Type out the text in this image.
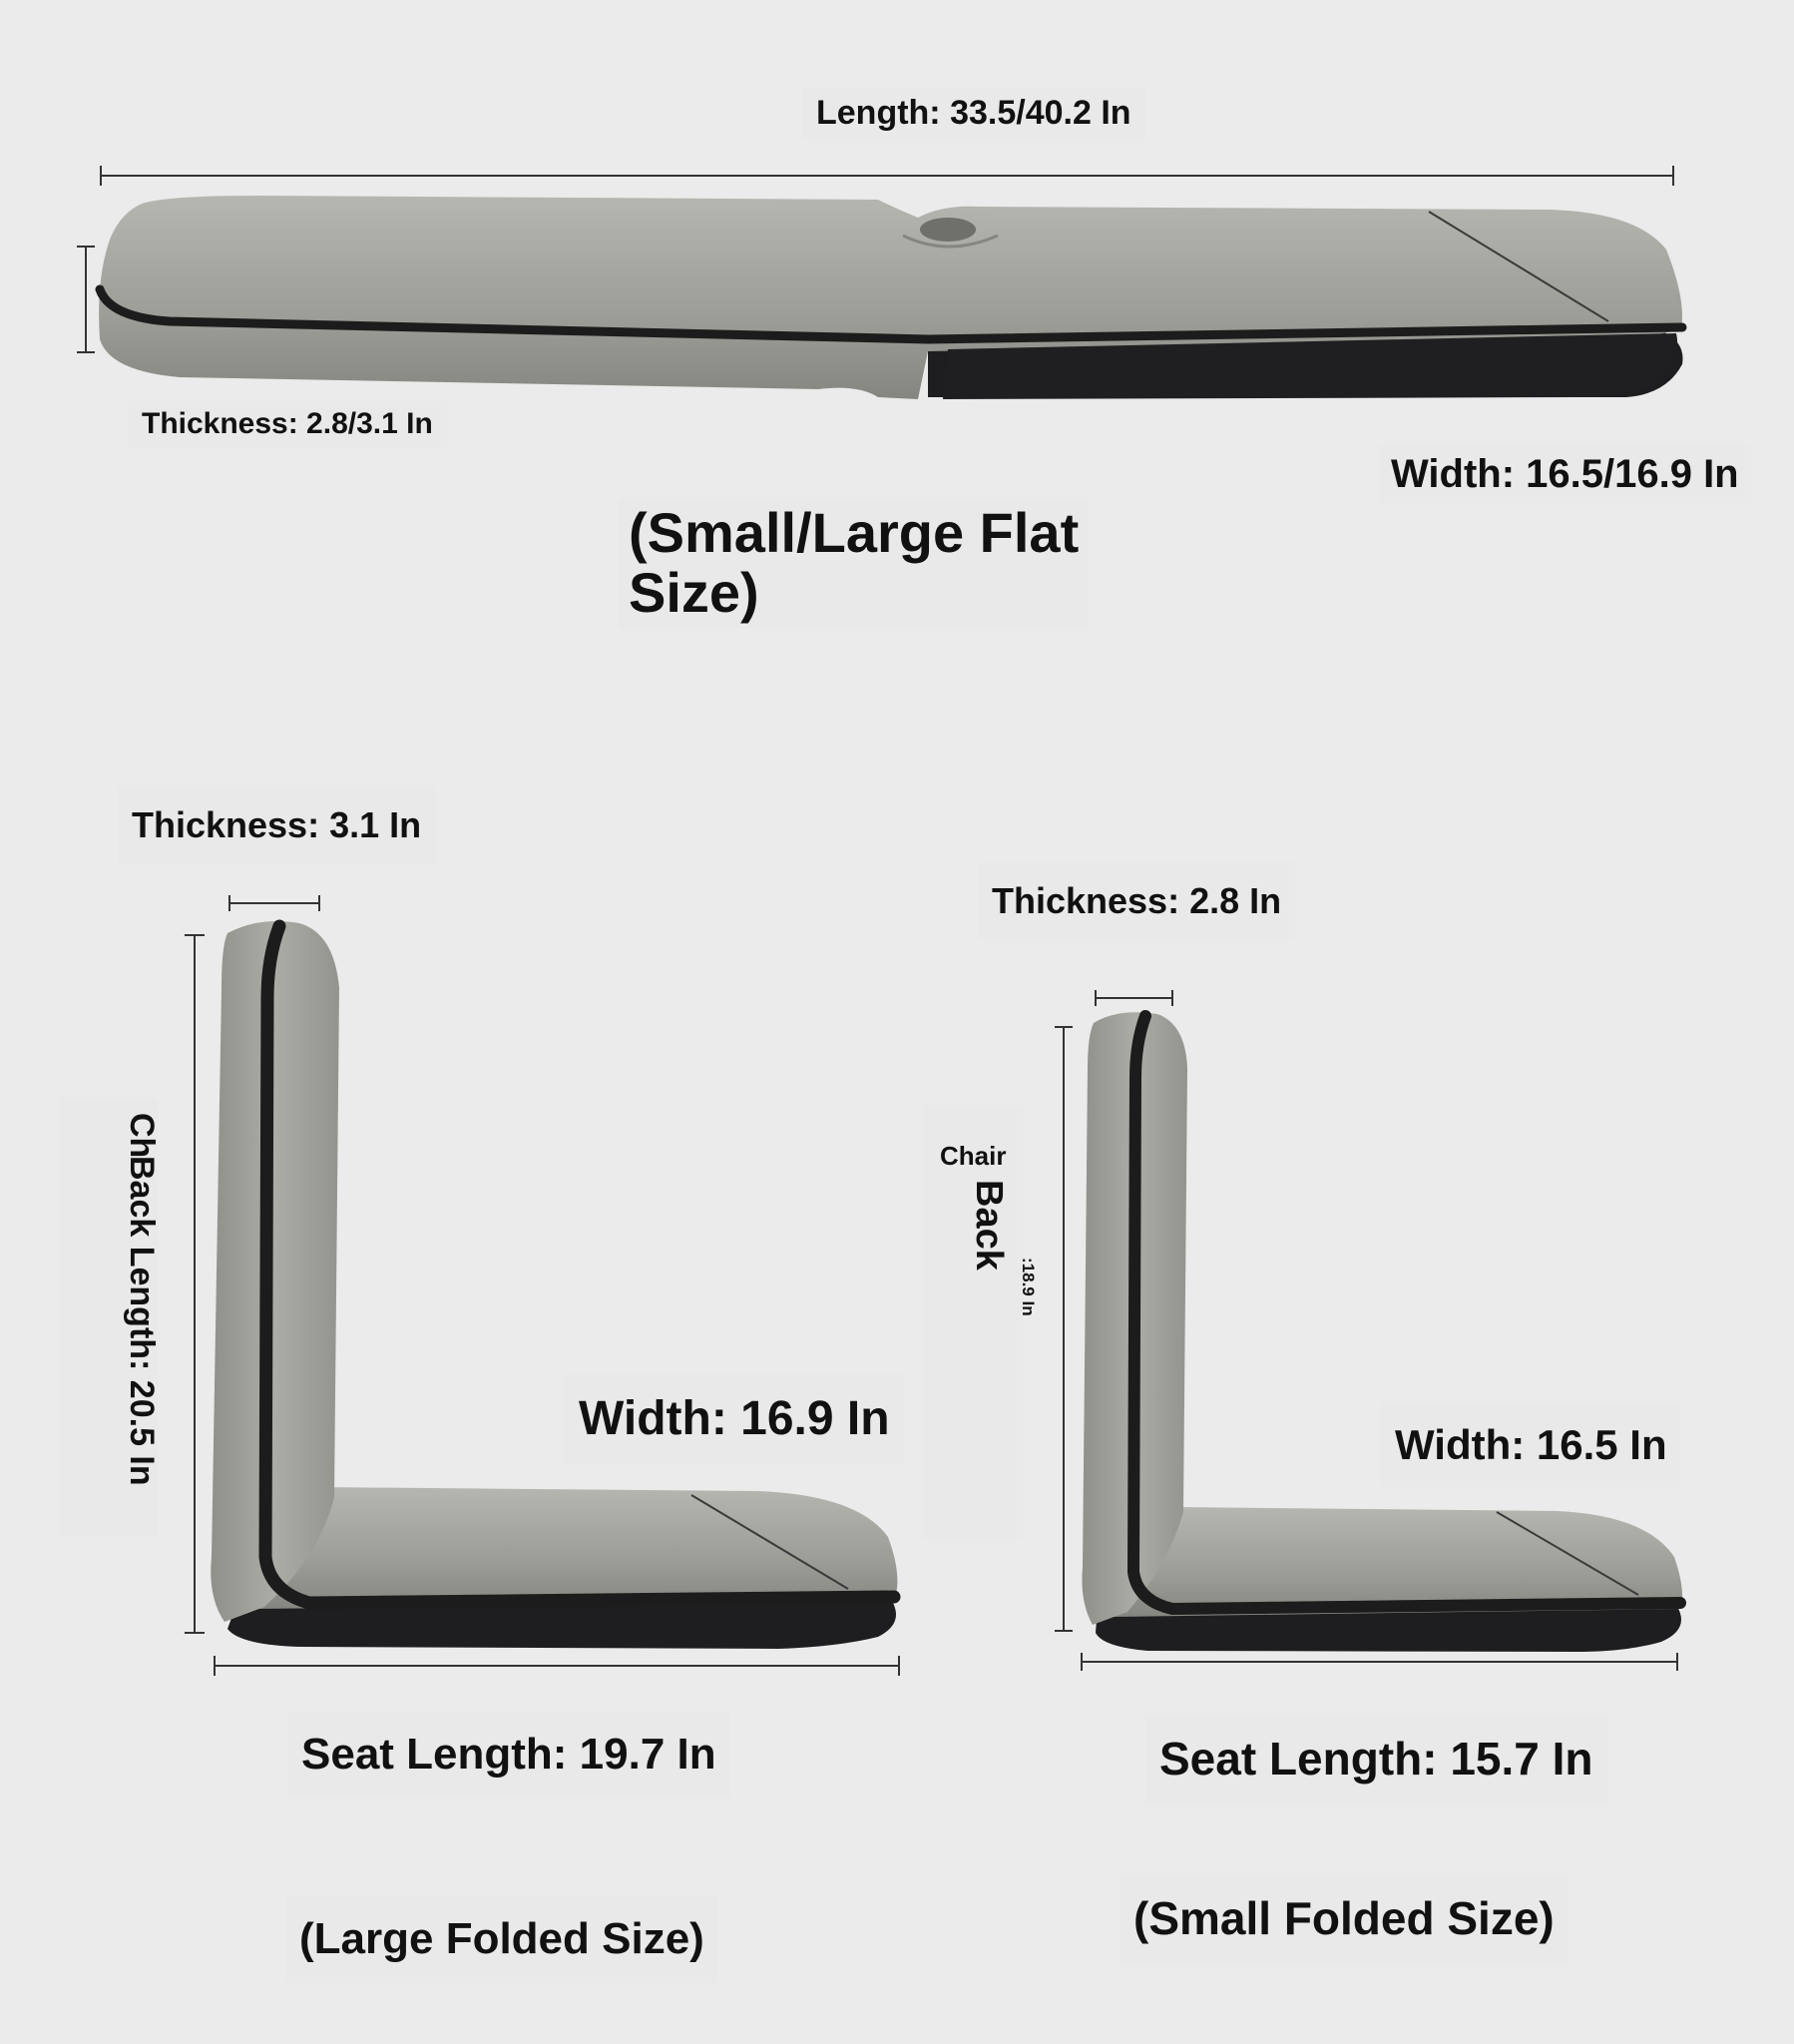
Length: 33.5/40.2 In
Thickness: 2.8/3.1 In
Width: 16.5/16.9 In
(Small/Large Flat
Size)
Thickness: 3.1 In
Ch
Back Length: 20.5 In	Width: 16.9 In
Seat Length: 19.7 In
(Large Folded Size)
Thickness: 2.8 In
Chair
Back
:18.9 In
Width: 16.5 In
Seat Length: 15.7 In
(Small Folded Size)
